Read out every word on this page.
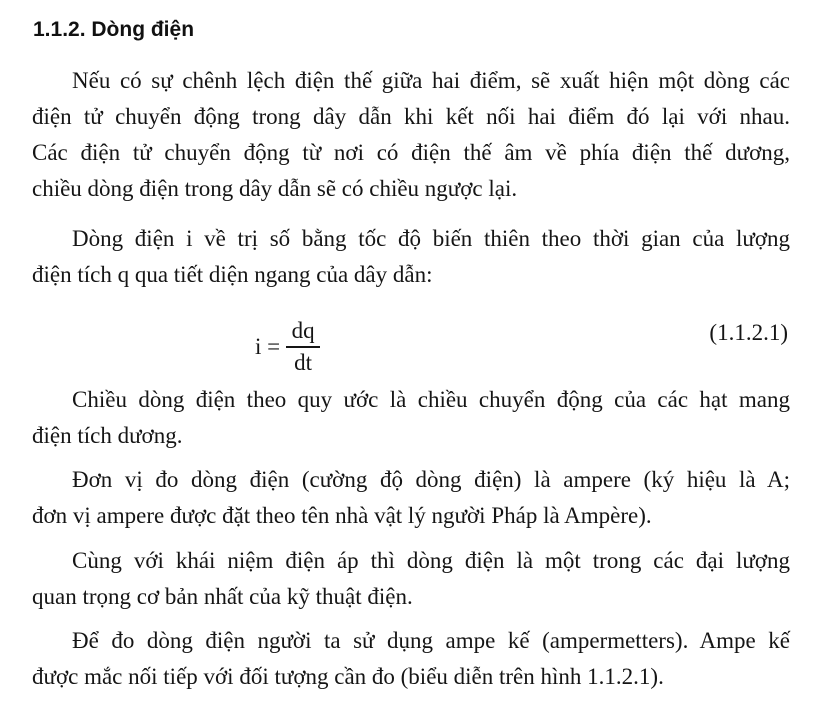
1.1.2. Dòng điện

Nếu có sự chênh lệch điện thế giữa hai điểm, sẽ xuất hiện một dòng các
điện tử chuyển động trong dây dẫn khi kết nối hai điểm đó lại với nhau.
Các điện tử chuyển động từ nơi có điện thế âm về phía điện thế dương,
chiều dòng điện trong dây dẫn sẽ có chiều ngược lại.

Dòng điện i về trị số bằng tốc độ biến thiên theo thời gian của lượng
điện tích q qua tiết diện ngang của dây dẫn:

$i = \frac{dq}{dt}$	(1.1.2.1)

Chiều dòng điện theo quy ước là chiều chuyển động của các hạt mang
điện tích dương.

Đơn vị đo dòng điện (cường độ dòng điện) là ampere (ký hiệu là A;
đơn vị ampere được đặt theo tên nhà vật lý người Pháp là Ampère).

Cùng với khái niệm điện áp thì dòng điện là một trong các đại lượng
quan trọng cơ bản nhất của kỹ thuật điện.

Để đo dòng điện người ta sử dụng ampe kế (ampermetters). Ampe kế
được mắc nối tiếp với đối tượng cần đo (biểu diễn trên hình 1.1.2.1).
